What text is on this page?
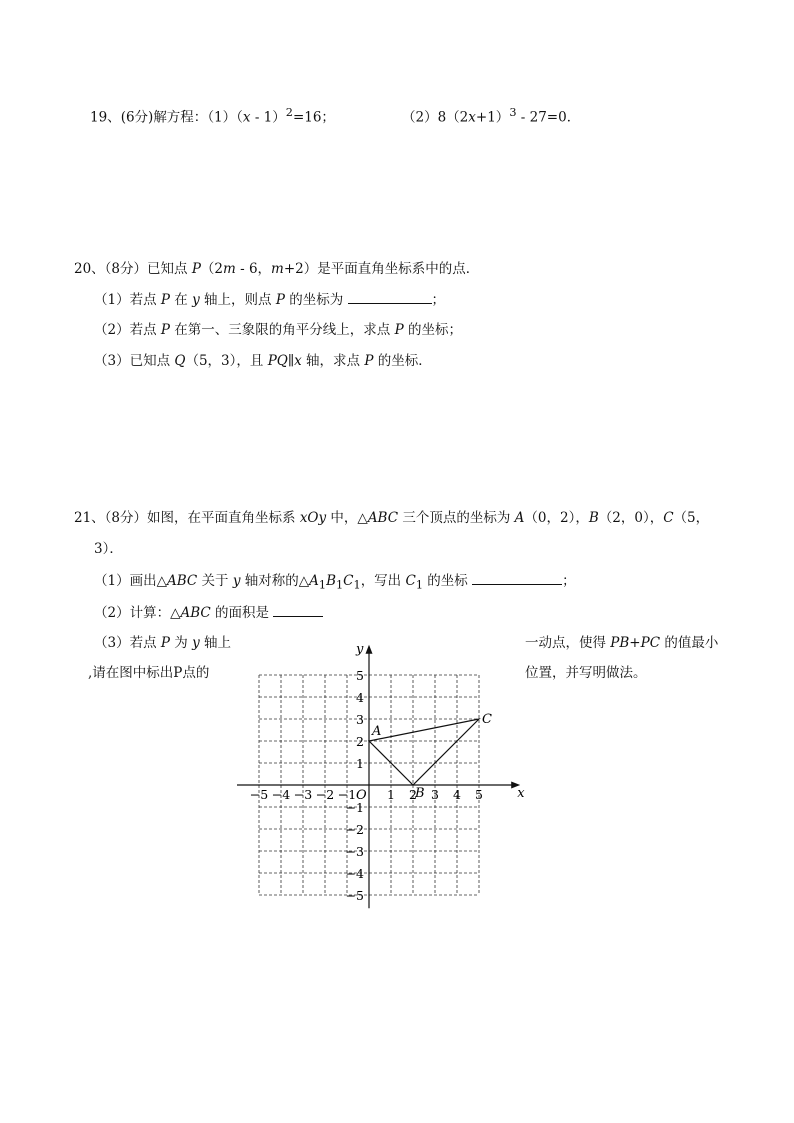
19、(6分)解方程：（1）（x - 1）$^2$=16；	$(2)8(2x+1)^3 - 27=0$．
20、（8分）已知点 P（2m - 6，m+2）是平面直角坐标系中的点．
（1）若点 P 在 y 轴上，则点 P 的坐标为	；
（2）若点 P 在第一、三象限的角平分线上，求点 P 的坐标；
（3）已知点 Q（5，3），且 PQ∥x 轴，求点 P 的坐标．
21、（8分）如图，在平面直角坐标系 xOy 中，△ABC 三个顶点的坐标为 A（0，2），B（2，0），C（5，
3）．
（1）画出△ABC 关于 y 轴对称的$\triangle A_1B_1C_1$，写出 $C_1$ 的坐标	；
（2）计算：△ABC 的面积是
（3）若点 P 为 y 轴上	一动点，使得 PB+PC 的值最小
,请在图中标出P点的	位置，并写明做法。
x
y
O
−5 −4 −3 −2 −1 1 2 3 4 5
5
4
3
2
1
−1
−2
−3
−4
−5
A
B
C
